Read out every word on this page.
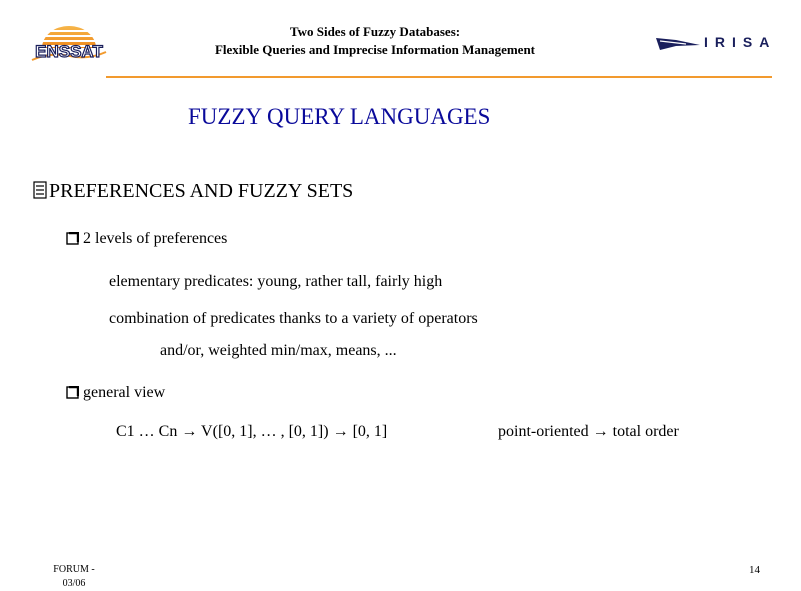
ENSSAT
Two Sides of Fuzzy Databases:
Flexible Queries and Imprecise Information Management	IRISA
FUZZY QUERY LANGUAGES
PREFERENCES AND FUZZY SETS
2 levels of preferences
elementary predicates: young, rather tall, fairly high
combination of predicates thanks to a variety of operators
and/or, weighted min/max, means, ...
general view
C1 … Cn → V([0, 1], … , [0, 1]) → [0, 1]	point-oriented → total order
FORUM -
03/06
14
